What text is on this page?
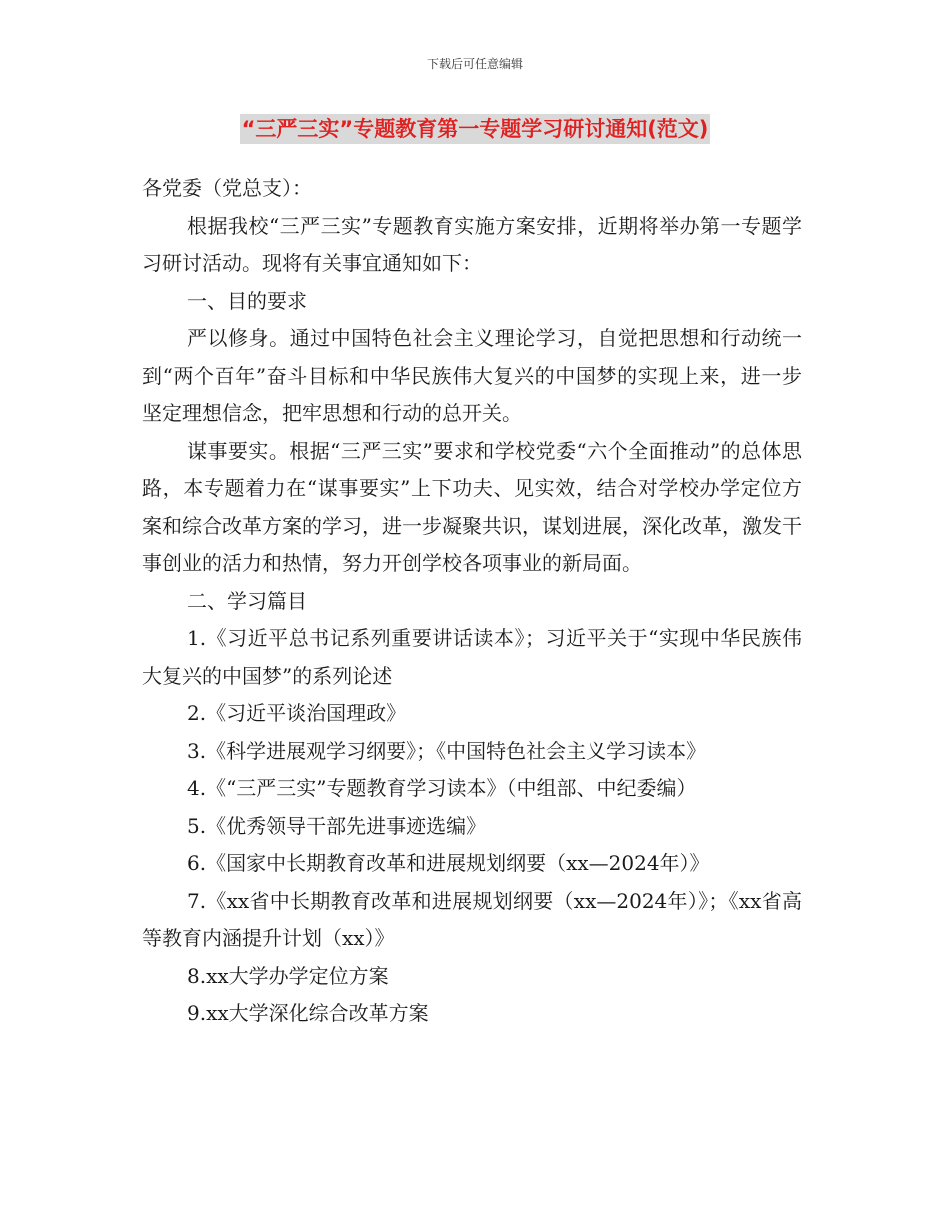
下载后可任意编辑
“三严三实”专题教育第一专题学习研讨通知(范文)

各党委（党总支）：

根据我校“三严三实”专题教育实施方案安排，近期将举办第一专题学习研讨活动。现将有关事宜通知如下：

一、目的要求

严以修身。通过中国特色社会主义理论学习，自觉把思想和行动统一到“两个百年”奋斗目标和中华民族伟大复兴的中国梦的实现上来，进一步坚定理想信念，把牢思想和行动的总开关。

谋事要实。根据“三严三实”要求和学校党委“六个全面推动”的总体思路，本专题着力在“谋事要实”上下功夫、见实效，结合对学校办学定位方案和综合改革方案的学习，进一步凝聚共识，谋划进展，深化改革，激发干事创业的活力和热情，努力开创学校各项事业的新局面。

二、学习篇目

1.《习近平总书记系列重要讲话读本》；习近平关于“实现中华民族伟大复兴的中国梦”的系列论述

2.《习近平谈治国理政》

3.《科学进展观学习纲要》；《中国特色社会主义学习读本》

4.《“三严三实”专题教育学习读本》（中组部、中纪委编）

5.《优秀领导干部先进事迹选编》

6.《国家中长期教育改革和进展规划纲要（xx—2024年）》

7.《xx省中长期教育改革和进展规划纲要（xx—2024年）》；《xx省高等教育内涵提升计划（xx）》

8.xx大学办学定位方案

9.xx大学深化综合改革方案
